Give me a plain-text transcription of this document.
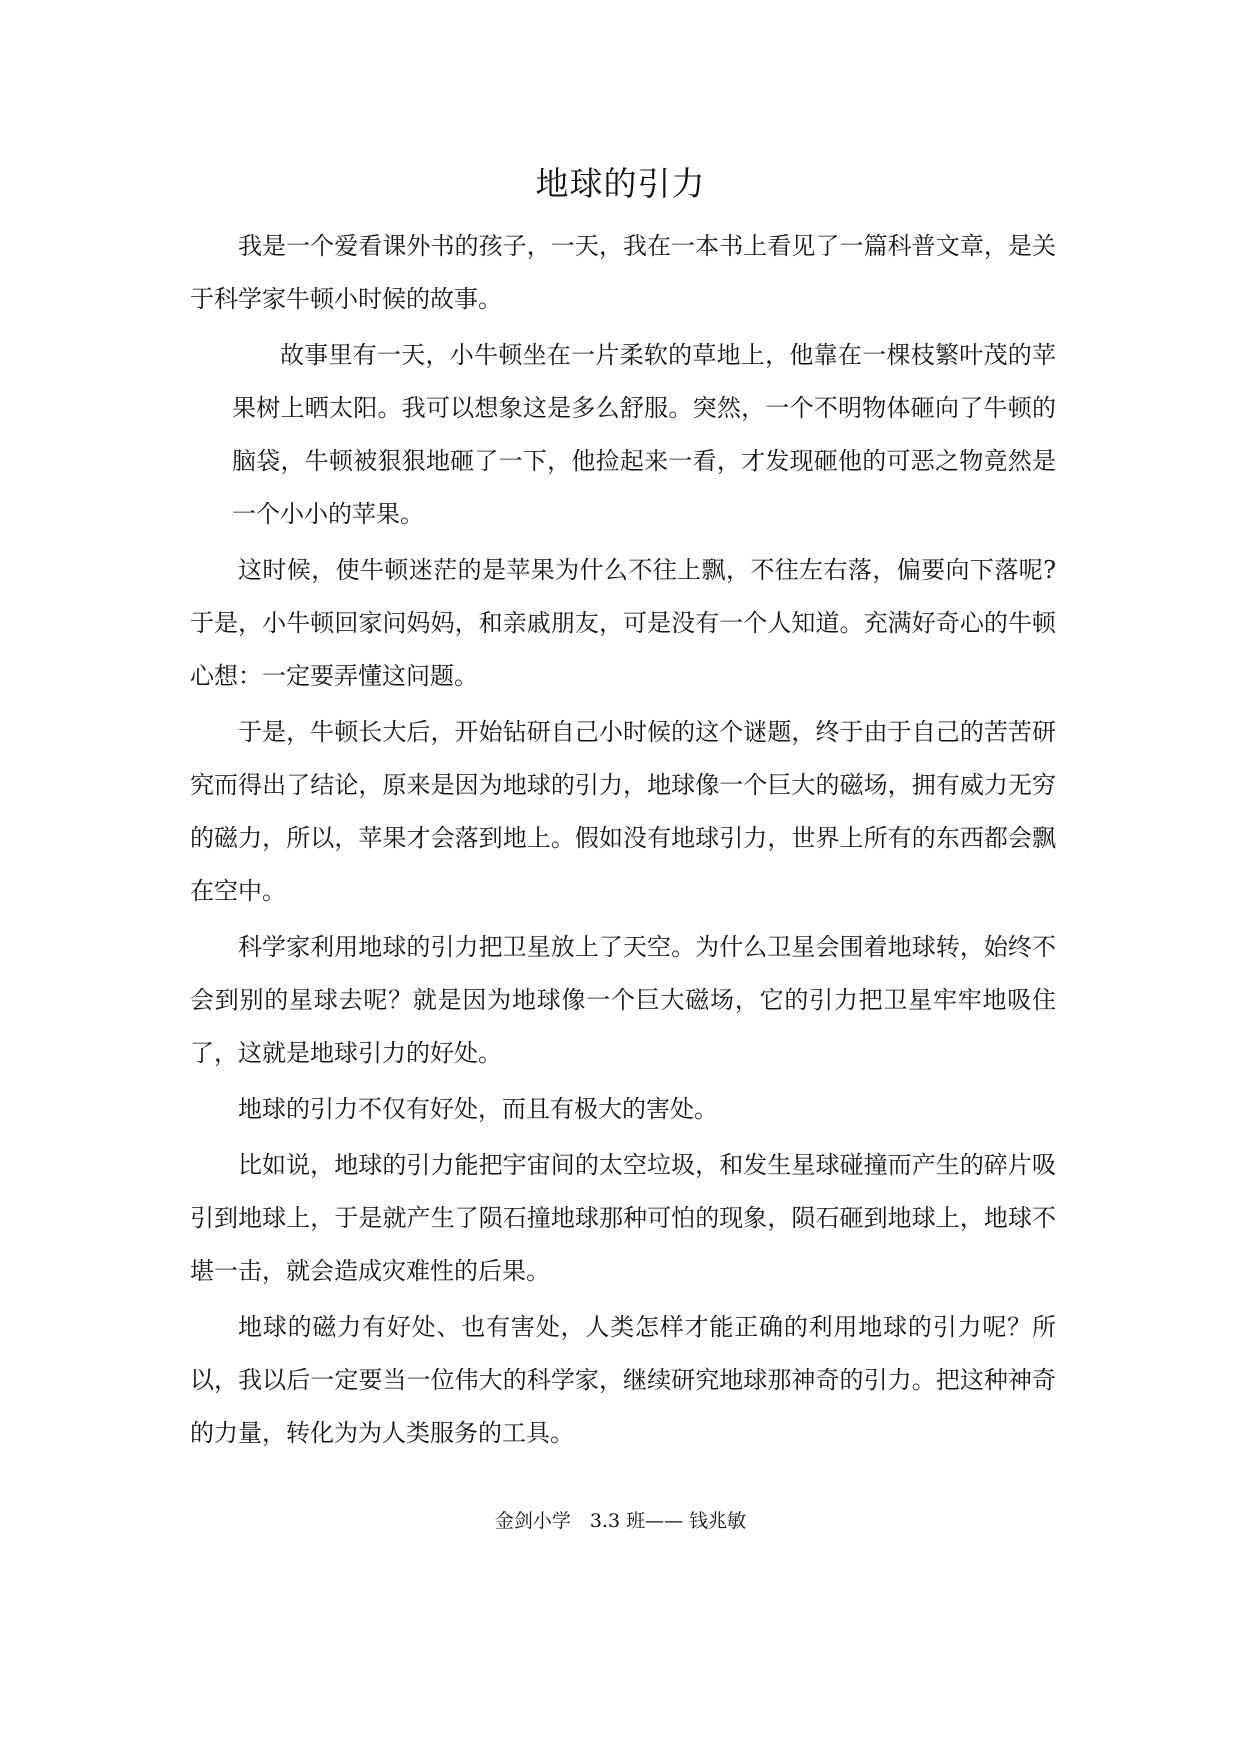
地球的引力

我是一个爱看课外书的孩子，一天，我在一本书上看见了一篇科普文章，是关于科学家牛顿小时候的故事。

故事里有一天，小牛顿坐在一片柔软的草地上，他靠在一棵枝繁叶茂的苹果树上晒太阳。我可以想象这是多么舒服。突然，一个不明物体砸向了牛顿的脑袋，牛顿被狠狠地砸了一下，他捡起来一看，才发现砸他的可恶之物竟然是一个小小的苹果。

这时候，使牛顿迷茫的是苹果为什么不往上飘，不往左右落，偏要向下落呢?于是，小牛顿回家问妈妈，和亲戚朋友，可是没有一个人知道。充满好奇心的牛顿心想：一定要弄懂这问题。

于是，牛顿长大后，开始钻研自己小时候的这个谜题，终于由于自己的苦苦研究而得出了结论，原来是因为地球的引力，地球像一个巨大的磁场，拥有威力无穷的磁力，所以，苹果才会落到地上。假如没有地球引力，世界上所有的东西都会飘在空中。

科学家利用地球的引力把卫星放上了天空。为什么卫星会围着地球转，始终不会到别的星球去呢？就是因为地球像一个巨大磁场，它的引力把卫星牢牢地吸住了，这就是地球引力的好处。

地球的引力不仅有好处，而且有极大的害处。

比如说，地球的引力能把宇宙间的太空垃圾，和发生星球碰撞而产生的碎片吸引到地球上，于是就产生了陨石撞地球那种可怕的现象，陨石砸到地球上，地球不堪一击，就会造成灾难性的后果。

地球的磁力有好处、也有害处，人类怎样才能正确的利用地球的引力呢？所以，我以后一定要当一位伟大的科学家，继续研究地球那神奇的引力。把这种神奇的力量，转化为为人类服务的工具。

金剑小学　3.3 班—— 钱兆敏
